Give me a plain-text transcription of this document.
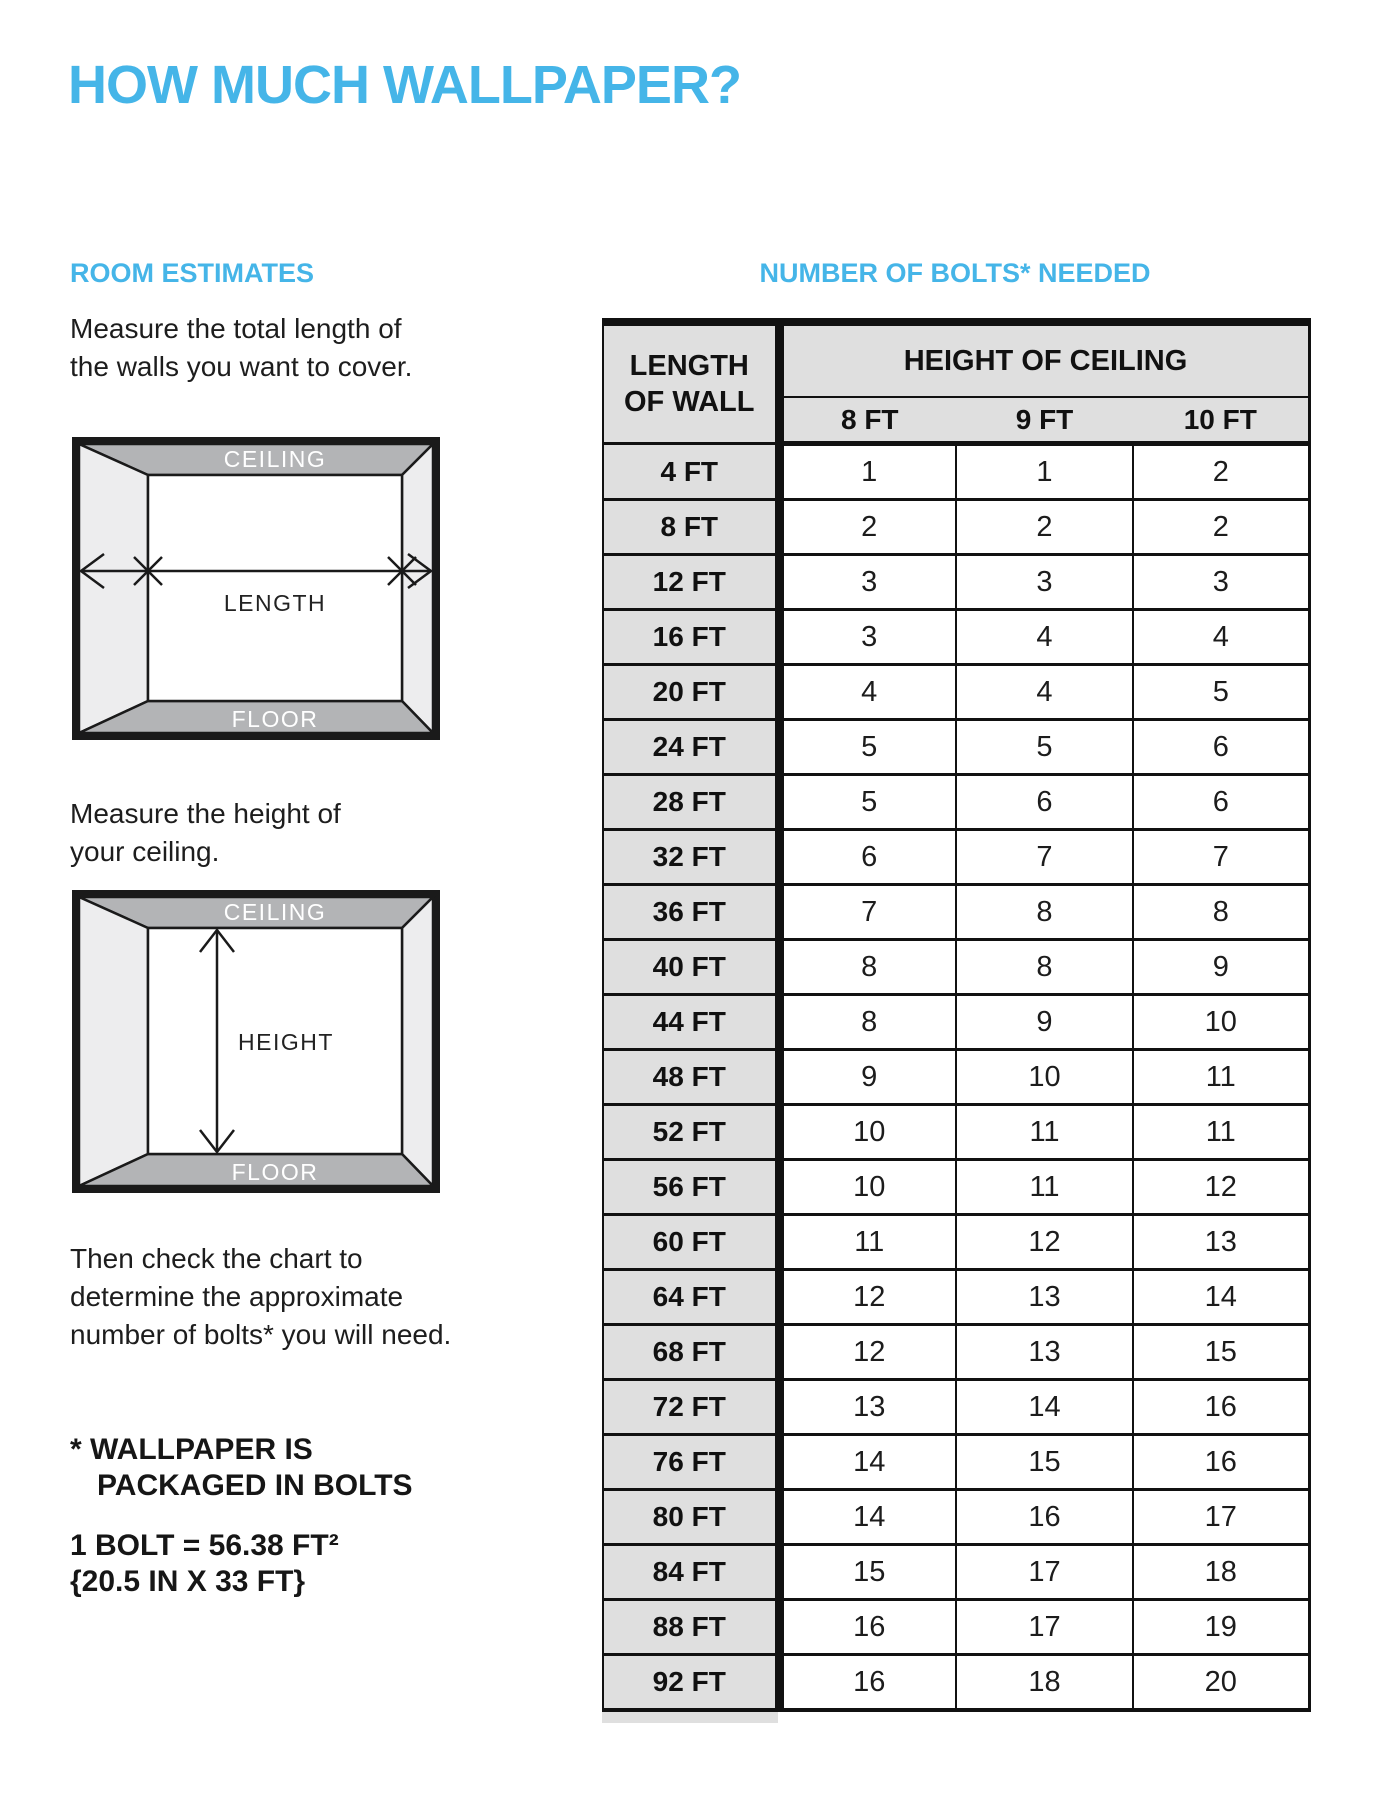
HOW MUCH WALLPAPER?
ROOM ESTIMATES
Measure the total length of
the walls you want to cover.
CEILING
LENGTH
FLOOR
Measure the height of
your ceiling.
CEILING
HEIGHT
FLOOR
Then check the chart to
determine the approximate
number of bolts* you will need.
* WALLPAPER IS
PACKAGED IN BOLTS
1 BOLT = 56.38 FT²
{20.5 IN X 33 FT}
NUMBER OF BOLTS* NEEDED
LENGTH
OF WALL	HEIGHT OF CEILING		
	8 FT	9 FT	10 FT
4 FT	1	1	2
8 FT	2	2	2
12 FT	3	3	3
16 FT	3	4	4
20 FT	4	4	5
24 FT	5	5	6
28 FT	5	6	6
32 FT	6	7	7
36 FT	7	8	8
40 FT	8	8	9
44 FT	8	9	10
48 FT	9	10	11
52 FT	10	11	11
56 FT	10	11	12
60 FT	11	12	13
64 FT	12	13	14
68 FT	12	13	15
72 FT	13	14	16
76 FT	14	15	16
80 FT	14	16	17
84 FT	15	17	18
88 FT	16	17	19
92 FT	16	18	20
